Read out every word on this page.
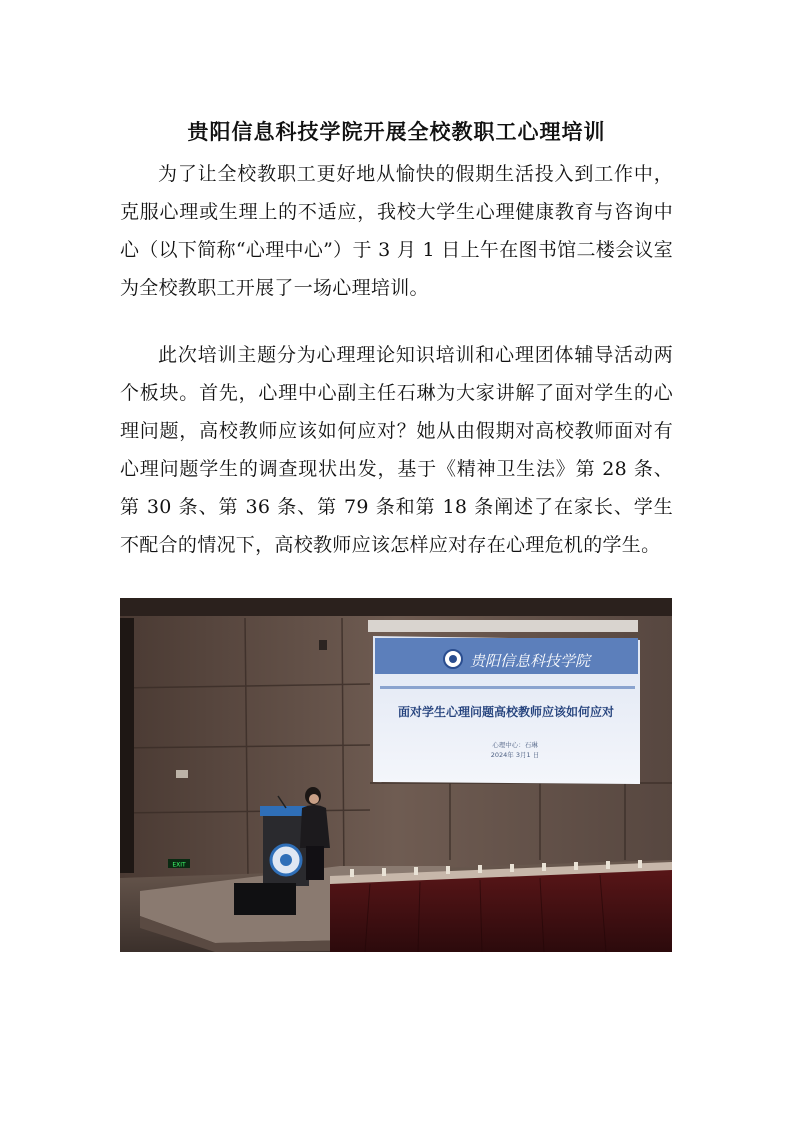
贵阳信息科技学院开展全校教职工心理培训

为了让全校教职工更好地从愉快的假期生活投入到工作中，克服心理或生理上的不适应，我校大学生心理健康教育与咨询中心（以下简称“心理中心”）于 3 月 1 日上午在图书馆二楼会议室为全校教职工开展了一场心理培训。

此次培训主题分为心理理论知识培训和心理团体辅导活动两个板块。首先，心理中心副主任石琳为大家讲解了面对学生的心理问题，高校教师应该如何应对？她从由假期对高校教师面对有心理问题学生的调查现状出发，基于《精神卫生法》第 28 条、第 30 条、第 36 条、第 79 条和第 18 条阐述了在家长、学生不配合的情况下，高校教师应该怎样应对存在心理危机的学生。

贵阳信息科技学院
面对学生心理问题高校教师应该如何应对
心理中心：石琳
2024年 3月1 日
EXIT
